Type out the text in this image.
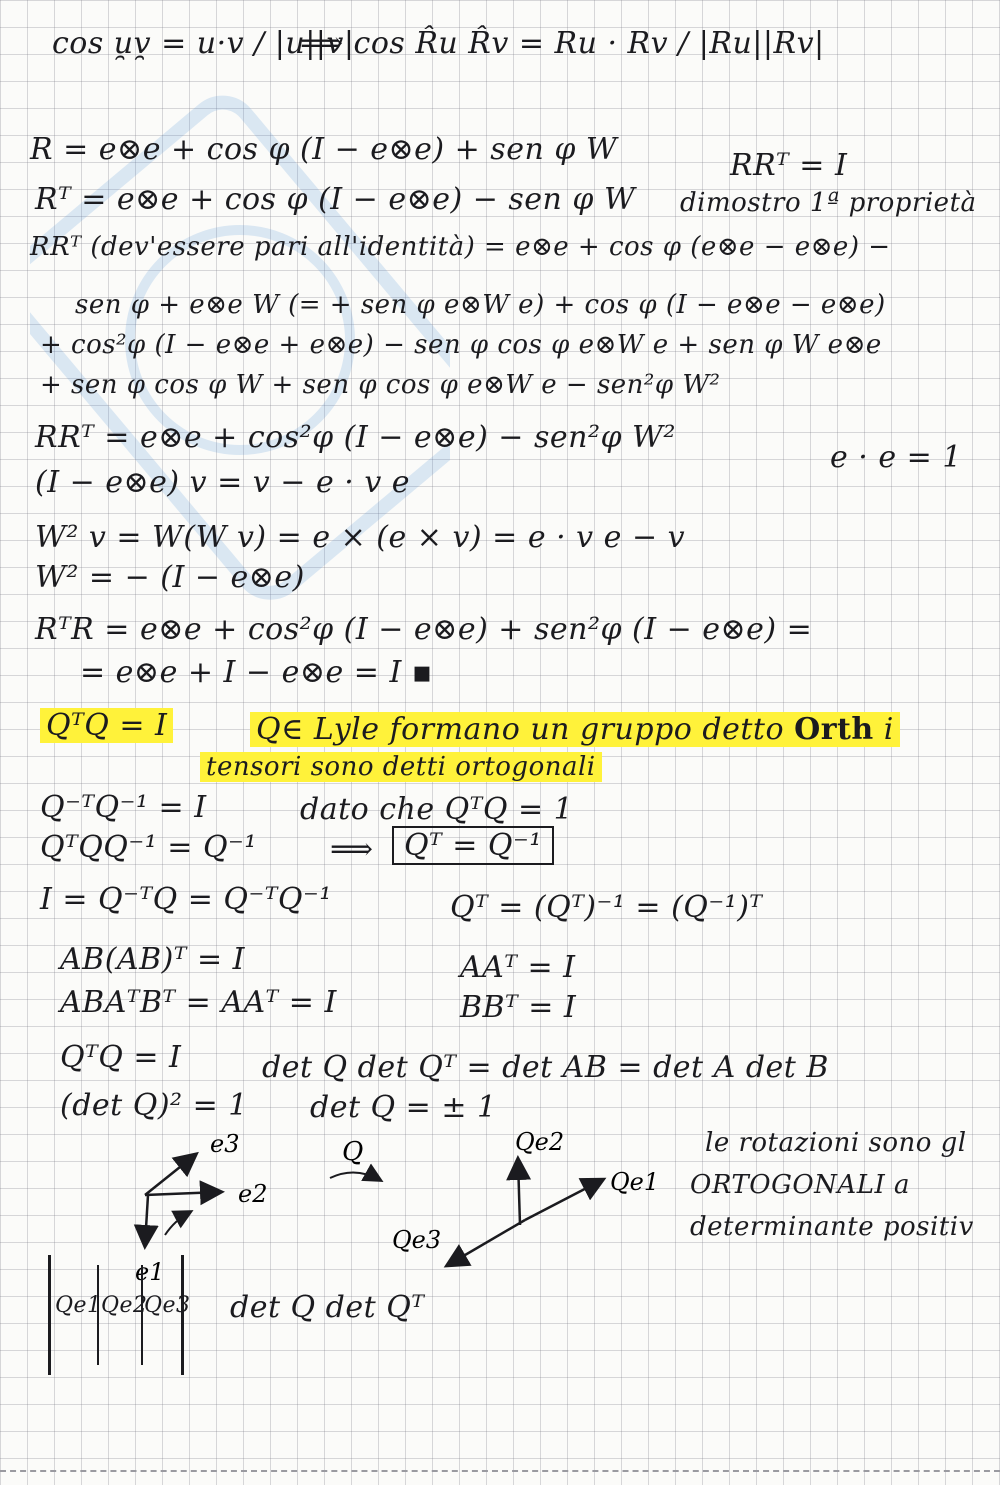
cos u̯v̯ = u·v / |u||v|
⟹ cos R̂u R̂v = Ru · Rv / |Ru||Rv|
R = e⊗e + cos φ (I − e⊗e) + sen φ W	RRᵀ = I
Rᵀ = e⊗e + cos φ (I − e⊗e) − sen φ W dimostro 1ª proprietà
RRᵀ (dev'essere pari all'identità) = e⊗e + cos φ (e⊗e − e⊗e) −
sen φ + e⊗e W (= + sen φ e⊗W e) + cos φ (I − e⊗e − e⊗e)
+ cos²φ (I − e⊗e + e⊗e) − sen φ cos φ e⊗W e + sen φ W e⊗e
+ sen φ cos φ W + sen φ cos φ e⊗W e − sen²φ W²
RRᵀ = e⊗e + cos²φ (I − e⊗e) − sen²φ W²
e · e = 1
(I − e⊗e) v = v − e · v e
W² v = W(W v) = e × (e × v) = e · v e − v
W² = − (I − e⊗e)
RᵀR = e⊗e + cos²φ (I − e⊗e) + sen²φ (I − e⊗e) =
= e⊗e + I − e⊗e = I ▪
QᵀQ = I	Q∈ Lyle formano un gruppo detto Orth i
tensori sono detti ortogonali
Q⁻ᵀQ⁻¹ = I	dato che QᵀQ = 1
QᵀQQ⁻¹ = Q⁻¹ ⟹	Qᵀ = Q⁻¹
I = Q⁻ᵀQ = Q⁻ᵀQ⁻¹	Qᵀ = (Qᵀ)⁻¹ = (Q⁻¹)ᵀ
AB(AB)ᵀ = I	AAᵀ = I
ABAᵀBᵀ = AAᵀ = I	BBᵀ = I
QᵀQ = I	det Q det Qᵀ = det AB = det A det B
(det Q)² = 1 det Q = ± 1
le rotazioni sono gl
ORTOGONALI a
determinante positiv
e3
e2
e1
Q	Qe2
Qe1
Qe3
Qe1 Qe2
Qe3 det Q det Qᵀ
